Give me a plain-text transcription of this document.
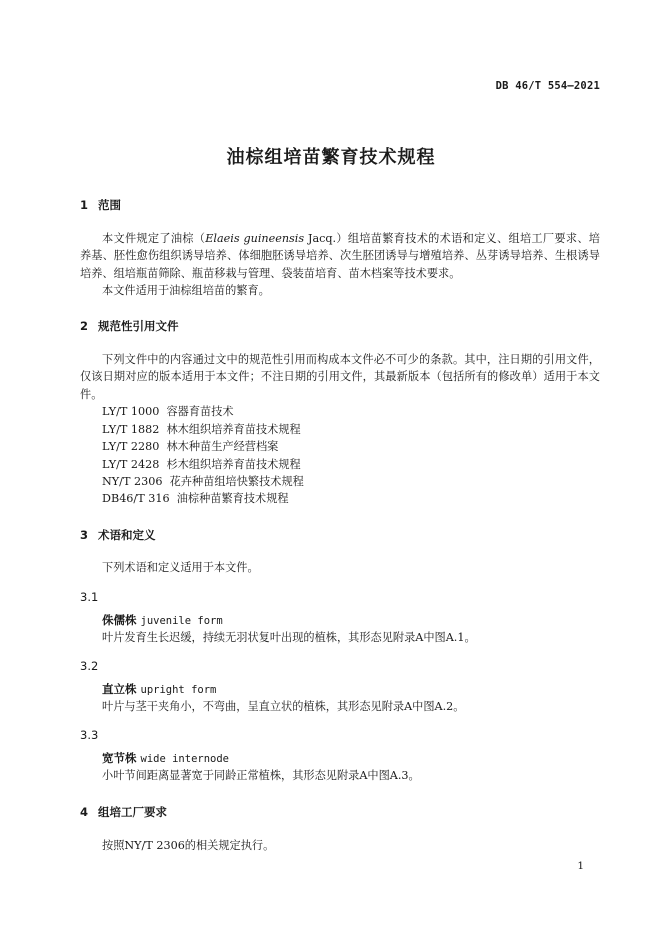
DB 46/T 554—2021
油棕组培苗繁育技术规程
1 范围
本文件规定了油棕（Elaeis guineensis Jacq.）组培苗繁育技术的术语和定义、组培工厂要求、培养基、胚性愈伤组织诱导培养、体细胞胚诱导培养、次生胚团诱导与增殖培养、丛芽诱导培养、生根诱导培养、组培瓶苗筛除、瓶苗移栽与管理、袋装苗培育、苗木档案等技术要求。
本文件适用于油棕组培苗的繁育。
2 规范性引用文件
下列文件中的内容通过文中的规范性引用而构成本文件必不可少的条款。其中，注日期的引用文件，仅该日期对应的版本适用于本文件；不注日期的引用文件，其最新版本（包括所有的修改单）适用于本文件。
LY/T 1000 容器育苗技术
LY/T 1882 林木组织培养育苗技术规程
LY/T 2280 林木种苗生产经营档案
LY/T 2428 杉木组织培养育苗技术规程
NY/T 2306 花卉种苗组培快繁技术规程
DB46/T 316 油棕种苗繁育技术规程
3 术语和定义
下列术语和定义适用于本文件。
3.1
侏儒株 juvenile form
叶片发育生长迟缓，持续无羽状复叶出现的植株，其形态见附录A中图A.1。
3.2
直立株 upright form
叶片与茎干夹角小，不弯曲，呈直立状的植株，其形态见附录A中图A.2。
3.3
宽节株 wide internode
小叶节间距离显著宽于同龄正常植株，其形态见附录A中图A.3。
4 组培工厂要求
按照NY/T 2306的相关规定执行。
1
